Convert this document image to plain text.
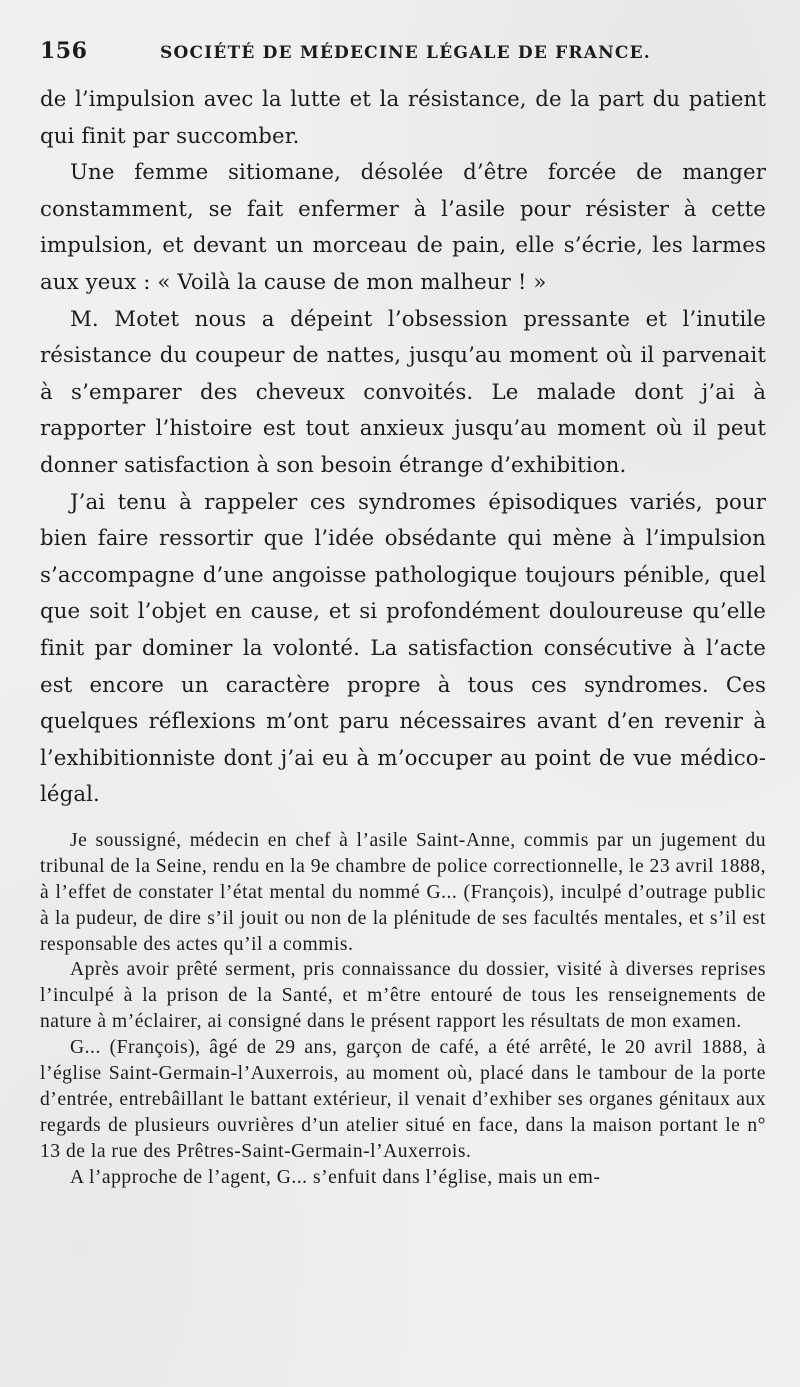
156	SOCIÉTÉ DE MÉDECINE LÉGALE DE FRANCE.

de l’impulsion avec la lutte et la résistance, de la part du patient qui finit par succomber.

Une femme sitiomane, désolée d’être forcée de manger constamment, se fait enfermer à l’asile pour résister à cette impulsion, et devant un morceau de pain, elle s’écrie, les larmes aux yeux : « Voilà la cause de mon malheur ! »

M. Motet nous a dépeint l’obsession pressante et l’inutile résistance du coupeur de nattes, jusqu’au moment où il parvenait à s’emparer des cheveux convoités. Le malade dont j’ai à rapporter l’histoire est tout anxieux jusqu’au moment où il peut donner satisfaction à son besoin étrange d’exhibition.

J’ai tenu à rappeler ces syndromes épisodiques variés, pour bien faire ressortir que l’idée obsédante qui mène à l’impulsion s’accompagne d’une angoisse pathologique toujours pénible, quel que soit l’objet en cause, et si profondément douloureuse qu’elle finit par dominer la volonté. La satisfaction consécutive à l’acte est encore un caractère propre à tous ces syndromes. Ces quelques réflexions m’ont paru nécessaires avant d’en revenir à l’exhibitionniste dont j’ai eu à m’occuper au point de vue médico-légal.

Je soussigné, médecin en chef à l’asile Saint-Anne, commis par un jugement du tribunal de la Seine, rendu en la 9e chambre de police correctionnelle, le 23 avril 1888, à l’effet de constater l’état mental du nommé G... (François), inculpé d’outrage public à la pudeur, de dire s’il jouit ou non de la plénitude de ses facultés mentales, et s’il est responsable des actes qu’il a commis.

Après avoir prêté serment, pris connaissance du dossier, visité à diverses reprises l’inculpé à la prison de la Santé, et m’être entouré de tous les renseignements de nature à m’éclairer, ai consigné dans le présent rapport les résultats de mon examen.

G... (François), âgé de 29 ans, garçon de café, a été arrêté, le 20 avril 1888, à l’église Saint-Germain-l’Auxerrois, au moment où, placé dans le tambour de la porte d’entrée, entrebâillant le battant extérieur, il venait d’exhiber ses organes génitaux aux regards de plusieurs ouvrières d’un atelier situé en face, dans la maison portant le n° 13 de la rue des Prêtres-Saint-Germain-l’Auxerrois.

A l’approche de l’agent, G... s’enfuit dans l’église, mais un em-
